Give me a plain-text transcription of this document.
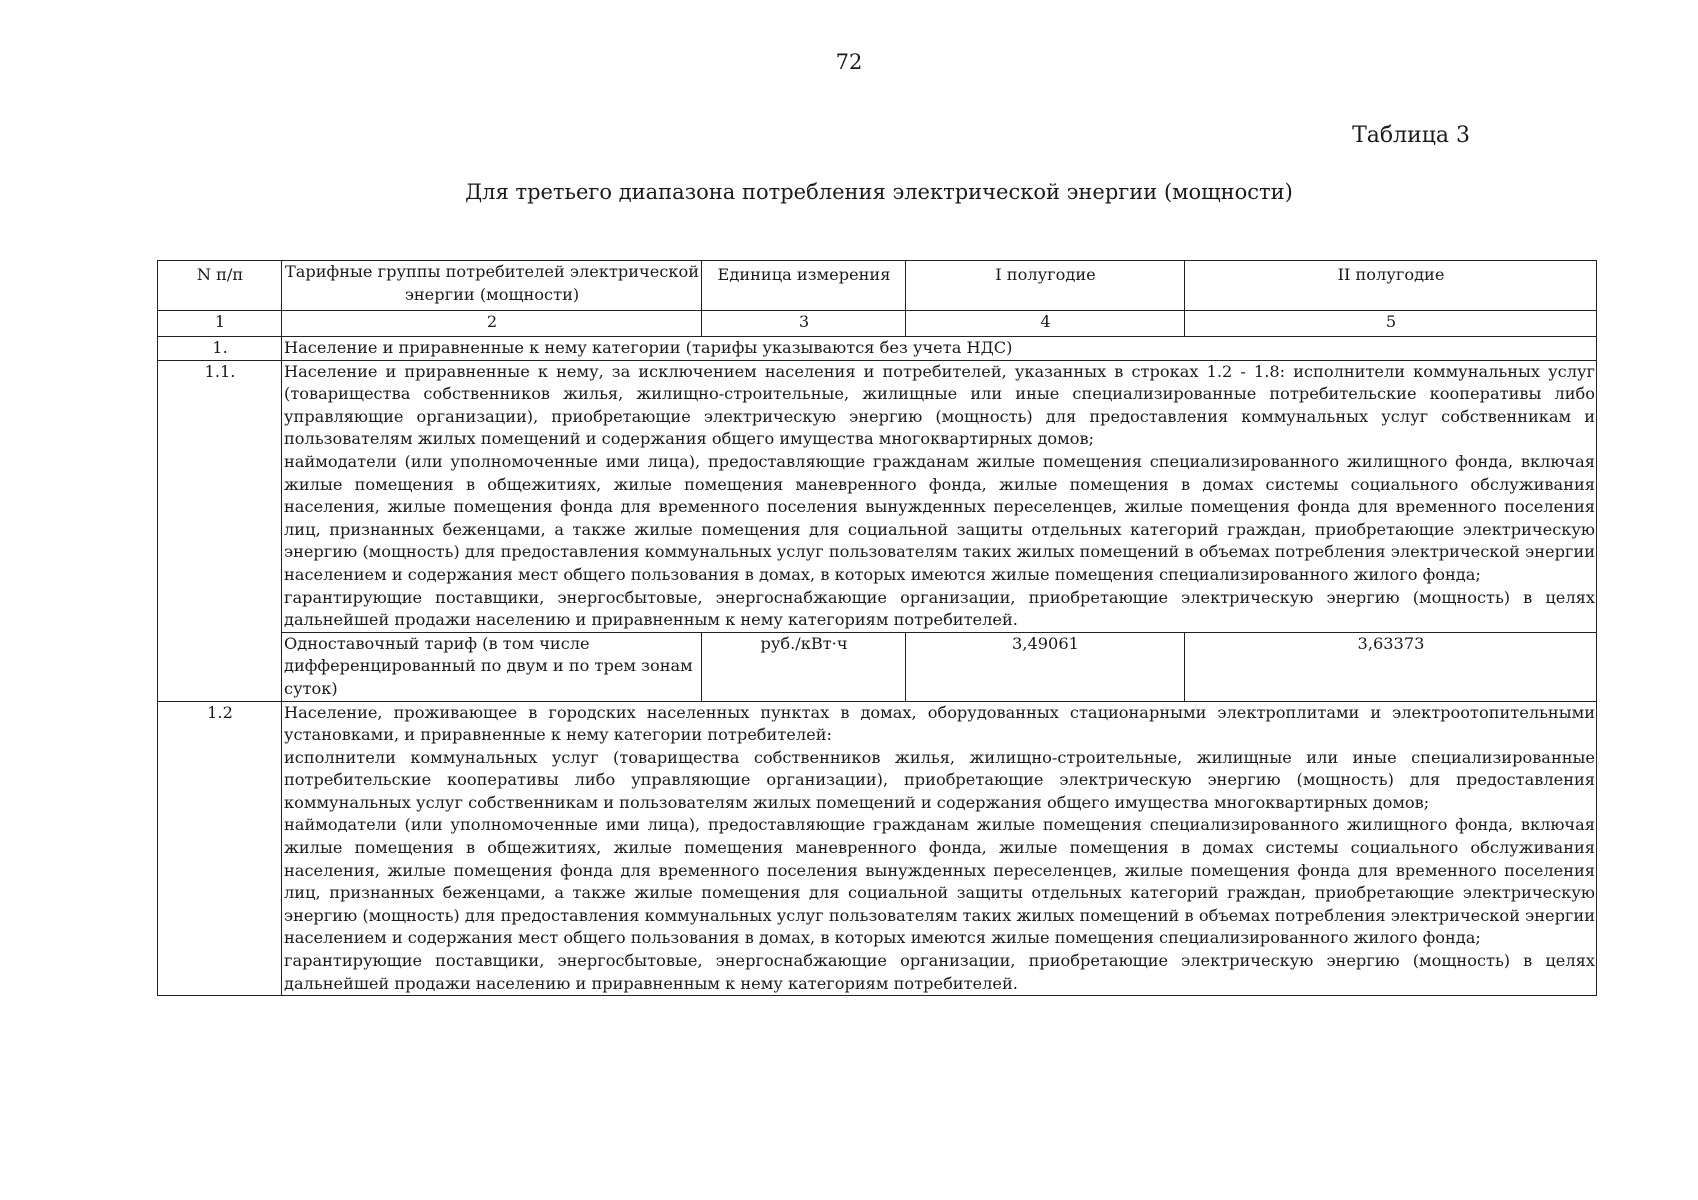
72
Таблица 3
Для третьего диапазона потребления электрической энергии (мощности)
N п/п	Тарифные группы потребителей электрической энергии (мощности)	Единица измерения	I полугодие	II полугодие
1	2	3	4	5
1.	Население и приравненные к нему категории (тарифы указываются без учета НДС)			
1.1.	Население и приравненные к нему, за исключением населения и потребителей, указанных в строках 1.2 - 1.8: исполнители коммунальных услуг (товарищества собственников жилья, жилищно-строительные, жилищные или иные специализированные потребительские кооперативы либо управляющие организации), приобретающие электрическую энергию (мощность) для предоставления коммунальных услуг собственникам и пользователям жилых помещений и содержания общего имущества многоквартирных домов;
наймодатели (или уполномоченные ими лица), предоставляющие гражданам жилые помещения специализированного жилищного фонда, включая жилые помещения в общежитиях, жилые помещения маневренного фонда, жилые помещения в домах системы социального обслуживания населения, жилые помещения фонда для временного поселения вынужденных переселенцев, жилые помещения фонда для временного поселения лиц, признанных беженцами, а также жилые помещения для социальной защиты отдельных категорий граждан, приобретающие электрическую энергию (мощность) для предоставления коммунальных услуг пользователям таких жилых помещений в объемах потребления электрической энергии населением и содержания мест общего пользования в домах, в которых имеются жилые помещения специализированного жилого фонда;
гарантирующие поставщики, энергосбытовые, энергоснабжающие организации, приобретающие электрическую энергию (мощность) в целях дальнейшей продажи населению и приравненным к нему категориям потребителей.			

	Одноставочный тариф (в том числе дифференцированный по двум и по трем зонам суток)	руб./кВт·ч	3,49061	3,63373
1.2	Население, проживающее в городских населенных пунктах в домах, оборудованных стационарными электроплитами и электроотопительными установками, и приравненные к нему категории потребителей:
исполнители коммунальных услуг (товарищества собственников жилья, жилищно-строительные, жилищные или иные специализированные потребительские кооперативы либо управляющие организации), приобретающие электрическую энергию (мощность) для предоставления коммунальных услуг собственникам и пользователям жилых помещений и содержания общего имущества многоквартирных домов;
наймодатели (или уполномоченные ими лица), предоставляющие гражданам жилые помещения специализированного жилищного фонда, включая жилые помещения в общежитиях, жилые помещения маневренного фонда, жилые помещения в домах системы социального обслуживания населения, жилые помещения фонда для временного поселения вынужденных переселенцев, жилые помещения фонда для временного поселения лиц, признанных беженцами, а также жилые помещения для социальной защиты отдельных категорий граждан, приобретающие электрическую энергию (мощность) для предоставления коммунальных услуг пользователям таких жилых помещений в объемах потребления электрической энергии населением и содержания мест общего пользования в домах, в которых имеются жилые помещения специализированного жилого фонда;
гарантирующие поставщики, энергосбытовые, энергоснабжающие организации, приобретающие электрическую энергию (мощность) в целях дальнейшей продажи населению и приравненным к нему категориям потребителей.			
